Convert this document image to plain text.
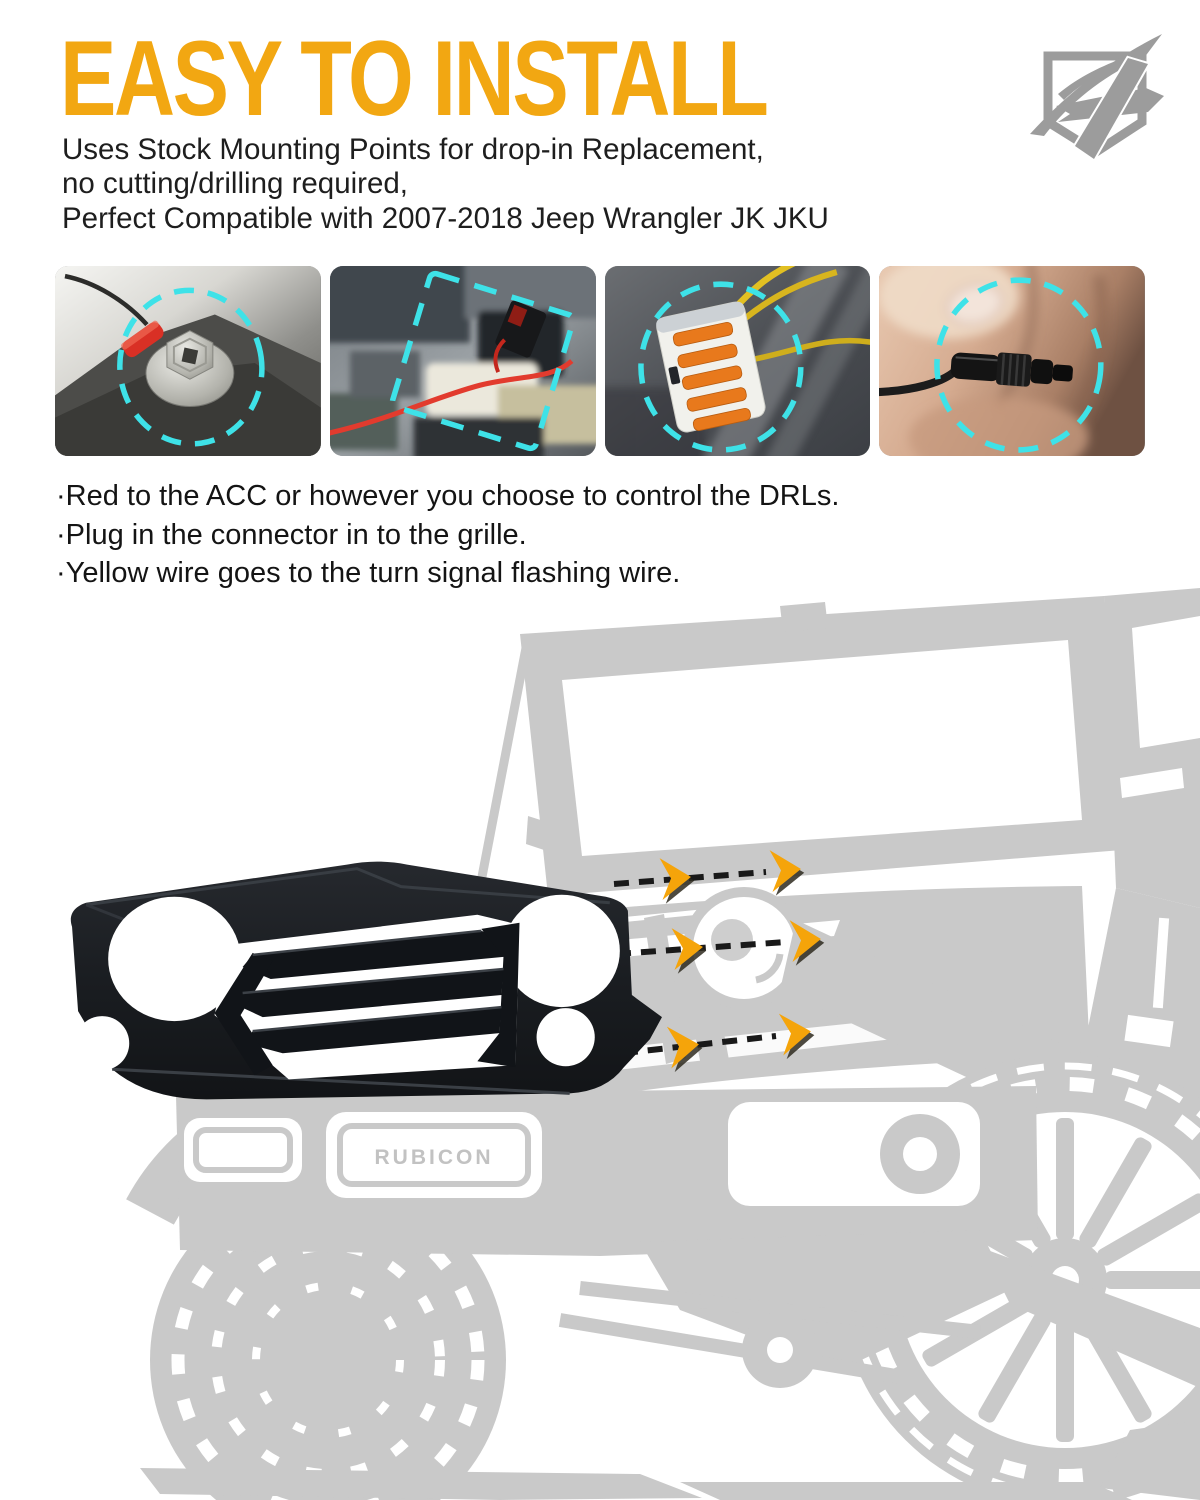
EASY TO INSTALL
Uses Stock Mounting Points for drop-in Replacement,
no cutting/drilling required,
Perfect Compatible with 2007-2018 Jeep Wrangler JK JKU
·Red to the ACC or however you choose to control the DRLs.
·Plug in the connector in to the grille.
·Yellow wire goes to the turn signal flashing wire.
RUBICON
